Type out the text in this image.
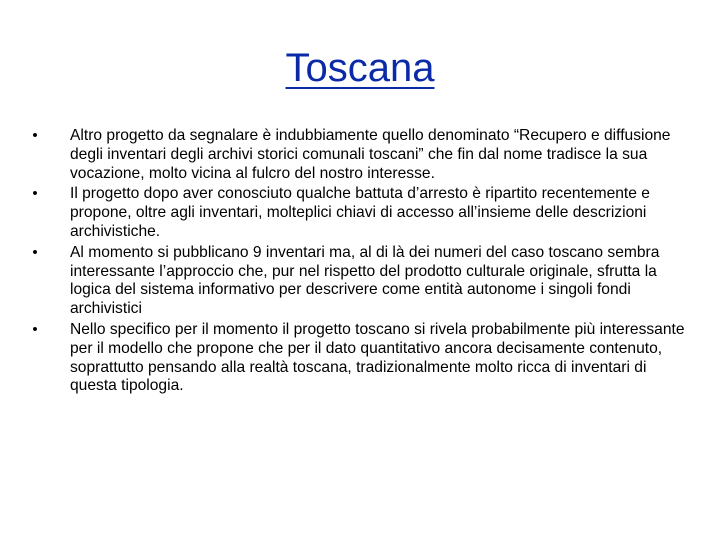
Toscana
• Altro progetto da segnalare è indubbiamente quello denominato “Recupero e diffusione degli inventari degli archivi storici comunali toscani” che fin dal nome tradisce la sua vocazione, molto vicina al fulcro del nostro interesse.
• Il progetto dopo aver conosciuto qualche battuta d’arresto è ripartito recentemente e propone, oltre agli inventari, molteplici chiavi di accesso all’insieme delle descrizioni archivistiche.
• Al momento si pubblicano 9 inventari ma, al di là dei numeri del caso toscano sembra interessante l’approccio che, pur nel rispetto del prodotto culturale originale, sfrutta la logica del sistema informativo per descrivere come entità autonome i singoli fondi archivistici
• Nello specifico per il momento il progetto toscano si rivela probabilmente più interessante per il modello che propone che per il dato quantitativo ancora decisamente contenuto, soprattutto pensando alla realtà toscana, tradizionalmente molto ricca di inventari di questa tipologia.
